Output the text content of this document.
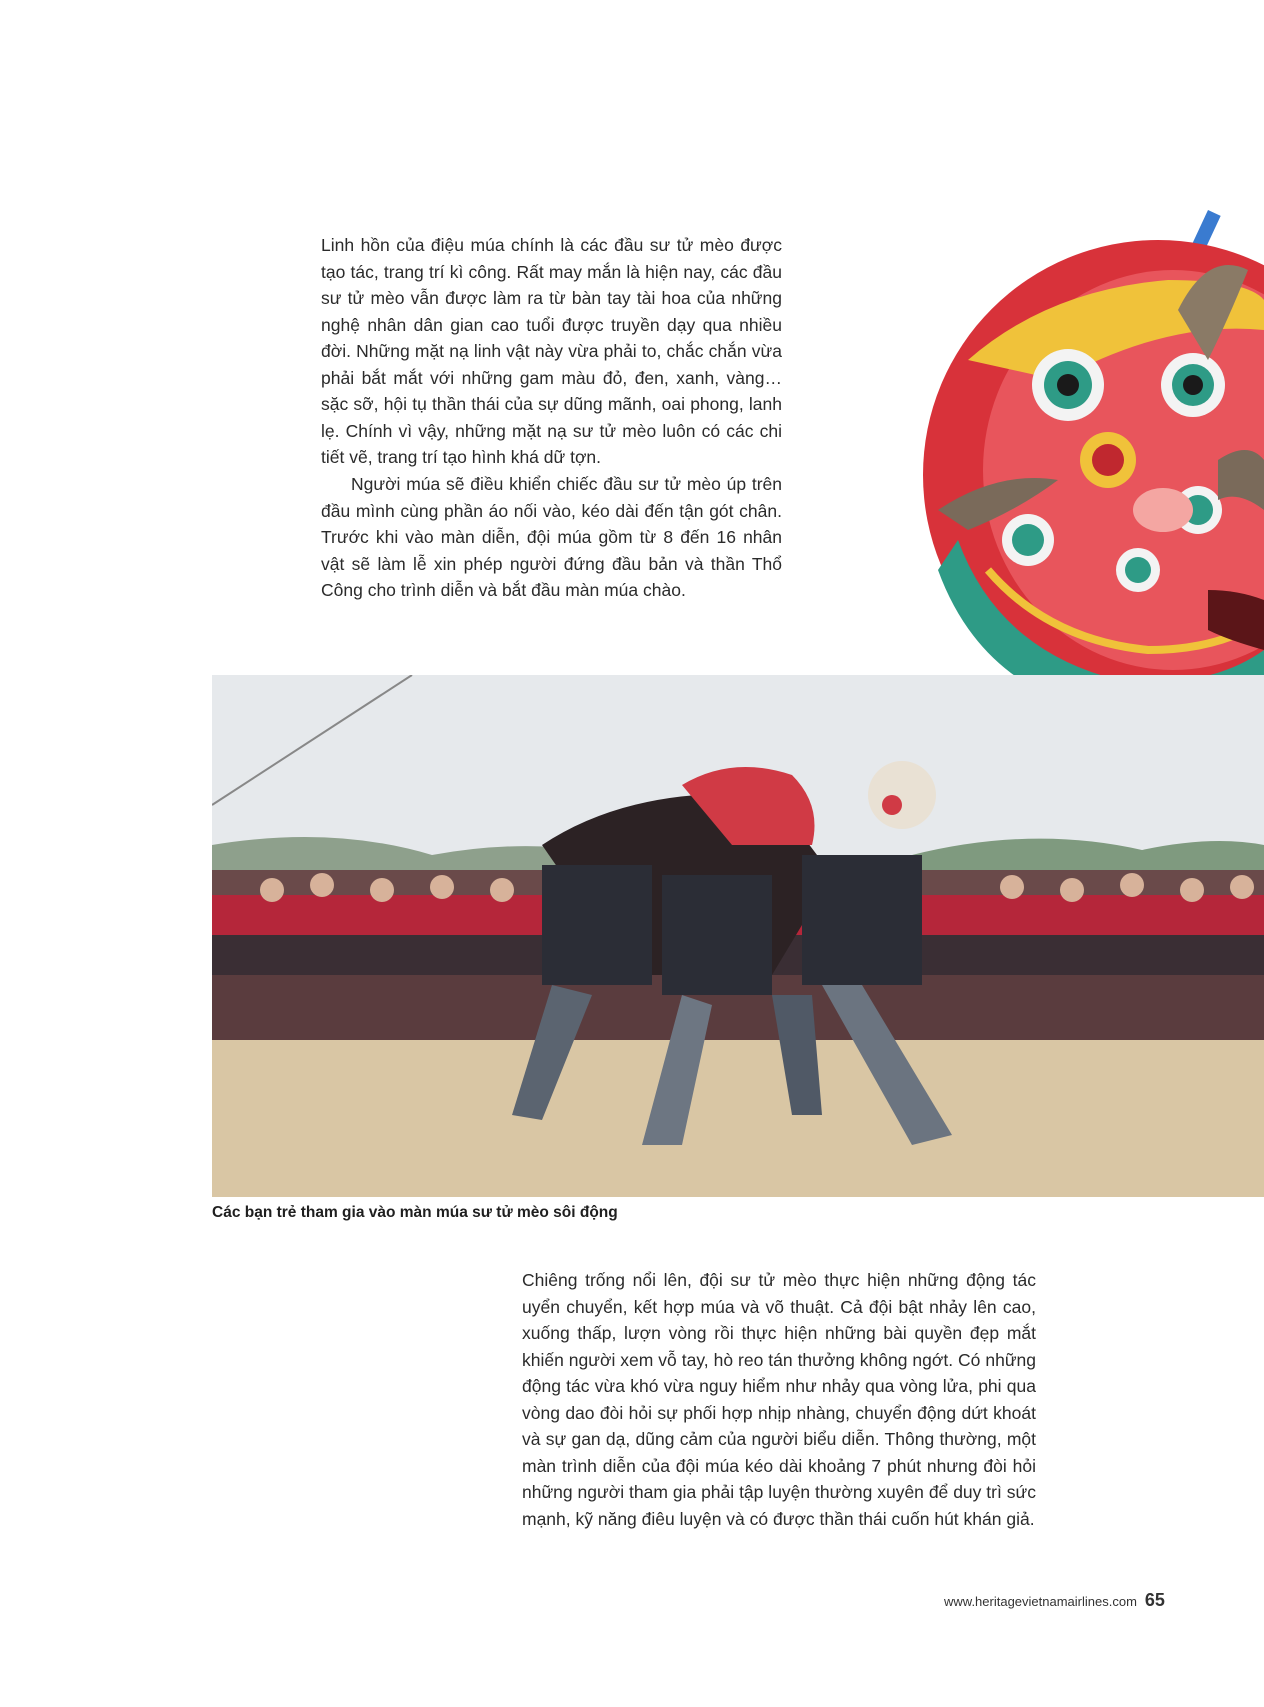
Linh hồn của điệu múa chính là các đầu sư tử mèo được tạo tác, trang trí kì công. Rất may mắn là hiện nay, các đầu sư tử mèo vẫn được làm ra từ bàn tay tài hoa của những nghệ nhân dân gian cao tuổi được truyền dạy qua nhiều đời. Những mặt nạ linh vật này vừa phải to, chắc chắn vừa phải bắt mắt với những gam màu đỏ, đen, xanh, vàng… sặc sỡ, hội tụ thần thái của sự dũng mãnh, oai phong, lanh lẹ. Chính vì vậy, những mặt nạ sư tử mèo luôn có các chi tiết vẽ, trang trí tạo hình khá dữ tợn.

Người múa sẽ điều khiển chiếc đầu sư tử mèo úp trên đầu mình cùng phần áo nối vào, kéo dài đến tận gót chân. Trước khi vào màn diễn, đội múa gồm từ 8 đến 16 nhân vật sẽ làm lễ xin phép người đứng đầu bản và thần Thổ Công cho trình diễn và bắt đầu màn múa chào.

Các bạn trẻ tham gia vào màn múa sư tử mèo sôi động

Chiêng trống nổi lên, đội sư tử mèo thực hiện những động tác uyển chuyển, kết hợp múa và võ thuật. Cả đội bật nhảy lên cao, xuống thấp, lượn vòng rồi thực hiện những bài quyền đẹp mắt khiến người xem vỗ tay, hò reo tán thưởng không ngớt. Có những động tác vừa khó vừa nguy hiểm như nhảy qua vòng lửa, phi qua vòng dao đòi hỏi sự phối hợp nhịp nhàng, chuyển động dứt khoát và sự gan dạ, dũng cảm của người biểu diễn. Thông thường, một màn trình diễn của đội múa kéo dài khoảng 7 phút nhưng đòi hỏi những người tham gia phải tập luyện thường xuyên để duy trì sức mạnh, kỹ năng điêu luyện và có được thần thái cuốn hút khán giả.

www.heritagevietnamairlines.com 65
